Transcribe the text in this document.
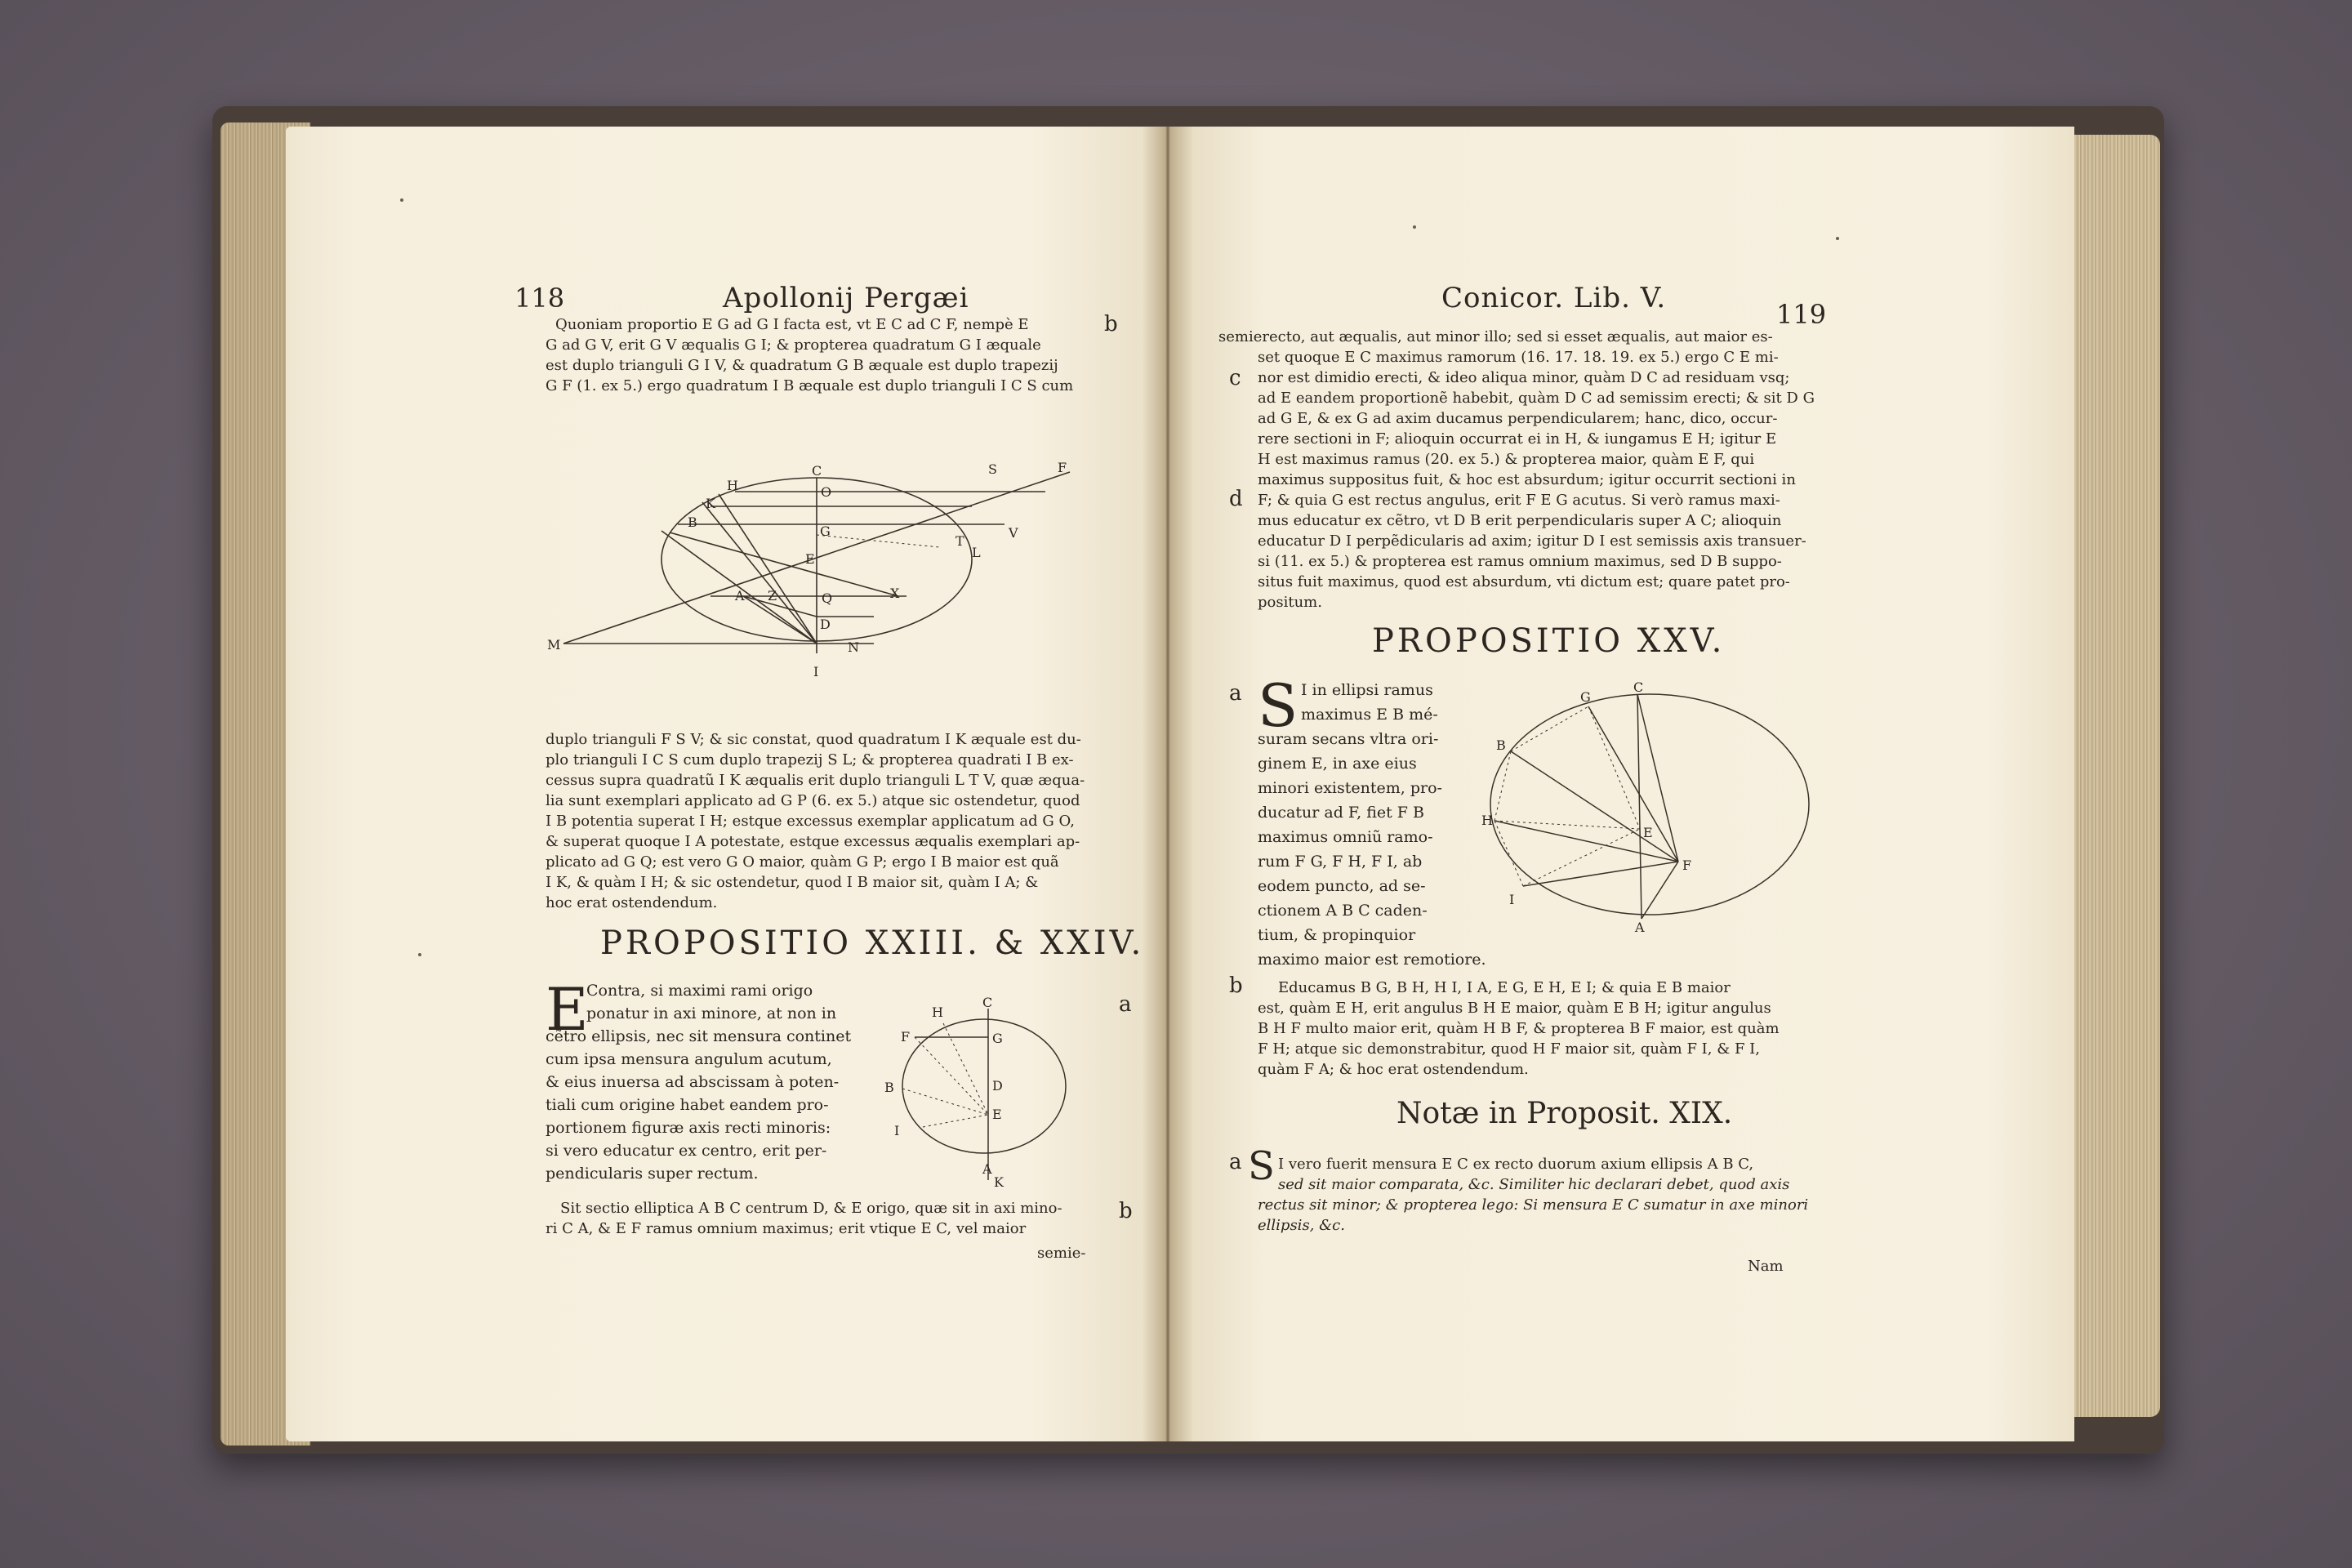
118	Apollonij Pergæi
b
Quoniam proportio E G ad G I facta est, vt E C ad C F, nempè E
G ad G V, erit G V æqualis G I; & propterea quadratum G I æquale
est duplo trianguli G I V, & quadratum G B æquale est duplo trapezij
G F (1. ex 5.) ergo quadratum I B æquale est duplo trianguli I C S cum
C	S	F
H
K
O
B
G
T
V
L
E
A Z	Q	X
D
M	N
I
duplo trianguli F S V; & sic constat, quod quadratum I K æquale est du-
plo trianguli I C S cum duplo trapezij S L; & propterea quadrati I B ex-
cessus supra quadratũ I K æqualis erit duplo trianguli L T V, quæ æqua-
lia sunt exemplari applicato ad G P (6. ex 5.) atque sic ostendetur, quod
I B potentia superat I H; estque excessus exemplar applicatum ad G O,
& superat quoque I A potestate, estque excessus æqualis exemplari ap-
plicato ad G Q; est vero G O maior, quàm G P; ergo I B maior est quã
I K, & quàm I H; & sic ostendetur, quod I B maior sit, quàm I A; &
hoc erat ostendendum.
PROPOSITIO XXIII. & XXIV.
E
Contra, si maximi rami origo
ponatur in axi minore, at non in
cẽtro ellipsis, nec sit mensura continet
cum ipsa mensura angulum acutum,
& eius inuersa ad abscissam à poten-
tiali cum origine habet eandem pro-
portionem figuræ axis recti minoris:
si vero educatur ex centro, erit per-
pendicularis super rectum.
H
C
F	G
B	D
E
I
A
K
a
Sit sectio elliptica A B C centrum D, & E origo, quæ sit in axi mino-
ri C A, & E F ramus omnium maximus; erit vtique E C, vel maior
b
semie-
Conicor. Lib. V.	119
c
d
semierecto, aut æqualis, aut minor illo; sed si esset æqualis, aut maior es-
set quoque E C maximus ramorum (16. 17. 18. 19. ex 5.) ergo C E mi-
nor est dimidio erecti, & ideo aliqua minor, quàm D C ad residuam vsq;
ad E eandem proportionẽ habebit, quàm D C ad semissim erecti; & sit D G
ad G E, & ex G ad axim ducamus perpendicularem; hanc, dico, occur-
rere sectioni in F; alioquin occurrat ei in H, & iungamus E H; igitur E
H est maximus ramus (20. ex 5.) & propterea maior, quàm E F, qui
maximus suppositus fuit, & hoc est absurdum; igitur occurrit sectioni in
F; & quia G est rectus angulus, erit F E G acutus. Si verò ramus maxi-
mus educatur ex cẽtro, vt D B erit perpendicularis super A C; alioquin
educatur D I perpẽdicularis ad axim; igitur D I est semissis axis transuer-
si (11. ex 5.) & propterea est ramus omnium maximus, sed D B suppo-
situs fuit maximus, quod est absurdum, vti dictum est; quare patet pro-
positum.
PROPOSITIO XXV.
a S I in ellipsi ramus
maximus E B mé-
suram secans vltra ori-
ginem E, in axe eius
minori existentem, pro-
ducatur ad F, fiet F B
maximus omniũ ramo-
rum F G, F H, F I, ab
eodem puncto, ad se-
ctionem A B C caden-
tium, & propinquior
maximo maior est remotiore.
G
C
B
H
E
F
I
A
b Educamus B G, B H, H I, I A, E G, E H, E I; & quia E B maior
est, quàm E H, erit angulus B H E maior, quàm E B H; igitur angulus
B H F multo maior erit, quàm H B F, & propterea B F maior, est quàm
F H; atque sic demonstrabitur, quod H F maior sit, quàm F I, & F I,
quàm F A; & hoc erat ostendendum.
Notæ in Proposit. XIX.
a S I vero fuerit mensura E C ex recto duorum axium ellipsis A B C,
sed sit maior comparata, &c. Similiter hic declarari debet, quod axis
rectus sit minor; & propterea lego: Si mensura E C sumatur in axe minori
ellipsis, &c.
Nam
